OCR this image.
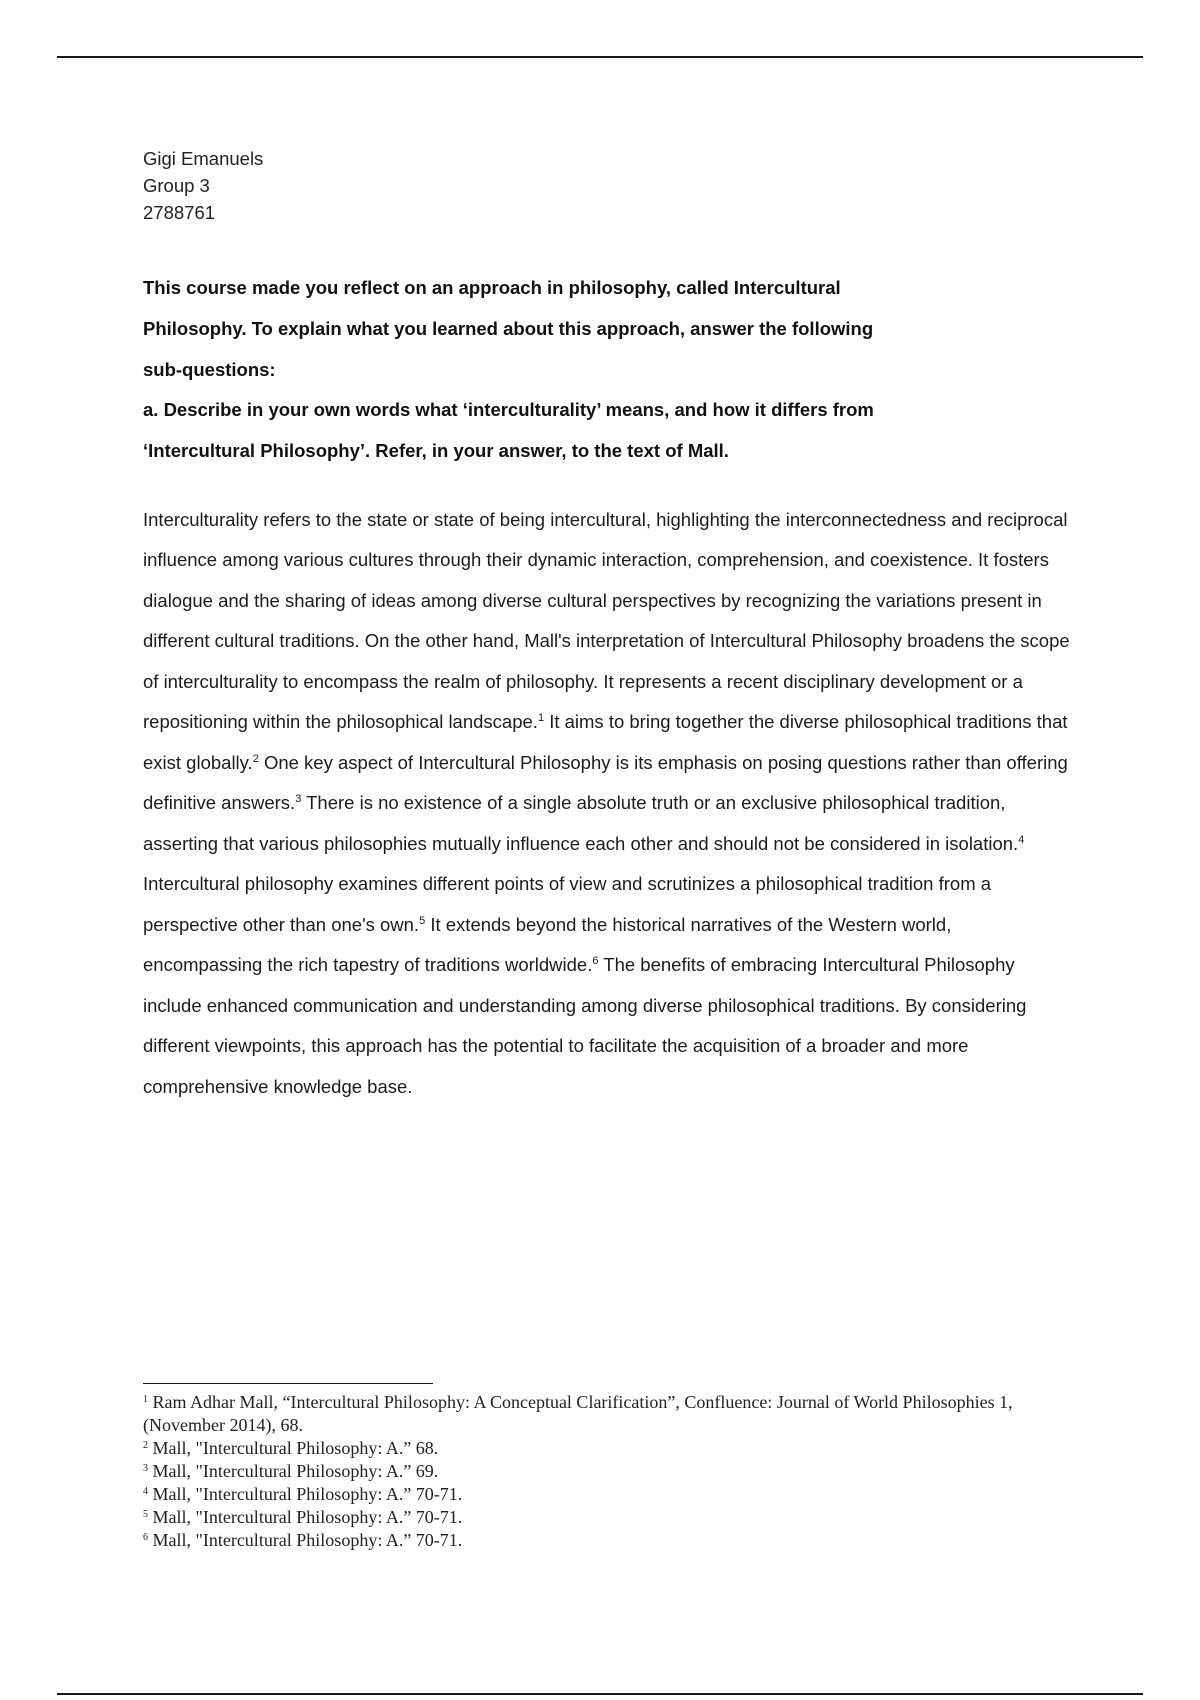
Gigi Emanuels
Group 3
2788761

This course made you reflect on an approach in philosophy, called Intercultural Philosophy. To explain what you learned about this approach, answer the following sub-questions:

a. Describe in your own words what ‘interculturality’ means, and how it differs from ‘Intercultural Philosophy’. Refer, in your answer, to the text of Mall.

Interculturality refers to the state or state of being intercultural, highlighting the interconnectedness and reciprocal influence among various cultures through their dynamic interaction, comprehension, and coexistence. It fosters dialogue and the sharing of ideas among diverse cultural perspectives by recognizing the variations present in different cultural traditions. On the other hand, Mall's interpretation of Intercultural Philosophy broadens the scope of interculturality to encompass the realm of philosophy. It represents a recent disciplinary development or a repositioning within the philosophical landscape.$^1$ It aims to bring together the diverse philosophical traditions that exist globally.$^2$ One key aspect of Intercultural Philosophy is its emphasis on posing questions rather than offering definitive answers.$^3$ There is no existence of a single absolute truth or an exclusive philosophical tradition, asserting that various philosophies mutually influence each other and should not be considered in isolation.$^4$ Intercultural philosophy examines different points of view and scrutinizes a philosophical tradition from a perspective other than one's own.$^5$ It extends beyond the historical narratives of the Western world, encompassing the rich tapestry of traditions worldwide.$^6$ The benefits of embracing Intercultural Philosophy include enhanced communication and understanding among diverse philosophical traditions. By considering different viewpoints, this approach has the potential to facilitate the acquisition of a broader and more comprehensive knowledge base.

$^1$ Ram Adhar Mall, “Intercultural Philosophy: A Conceptual Clarification”, Confluence: Journal of World Philosophies 1, (November 2014), 68.

$^2$ Mall, "Intercultural Philosophy: A.” 68.

$^3$ Mall, "Intercultural Philosophy: A.” 69.

$^4$ Mall, "Intercultural Philosophy: A.” 70-71.

$^5$ Mall, "Intercultural Philosophy: A.” 70-71.

$^6$ Mall, "Intercultural Philosophy: A.” 70-71.
